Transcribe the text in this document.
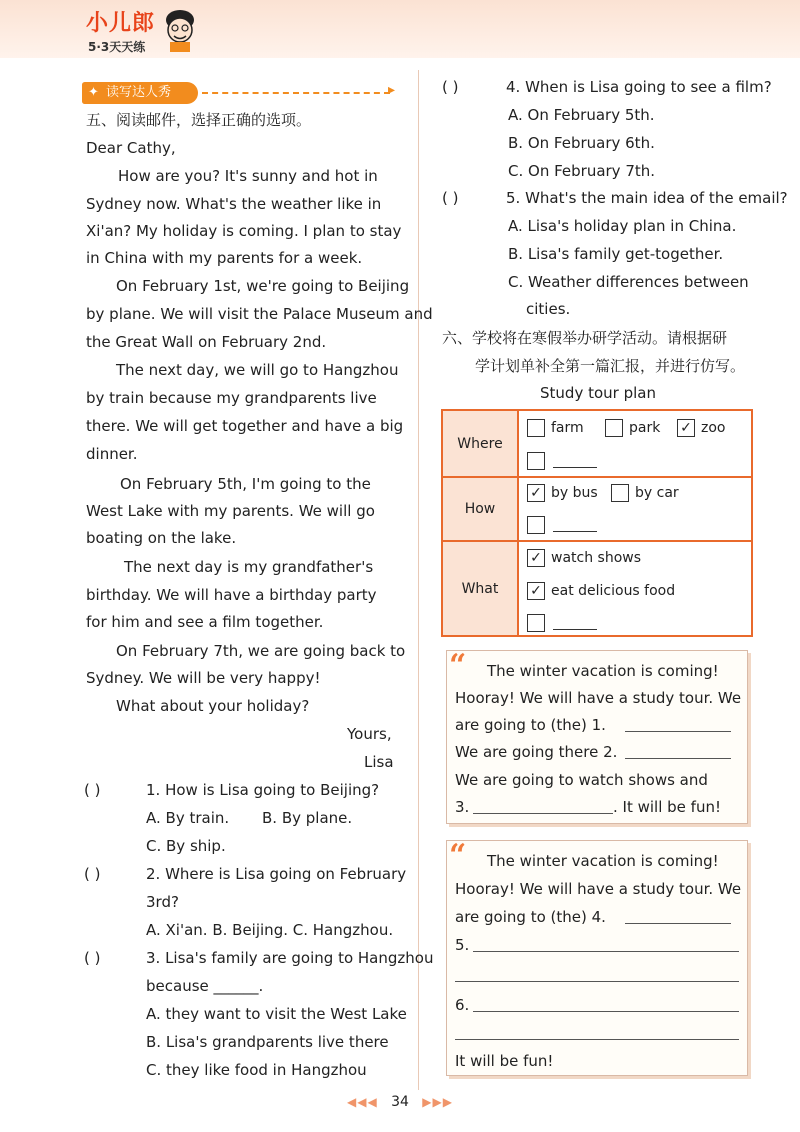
小儿郎
5·3天天练
✦ 读写达人秀	▸
五、阅读邮件，选择正确的选项。
Dear Cathy,
How are you? It's sunny and hot in
Sydney now. What's the weather like in
Xi'an? My holiday is coming. I plan to stay
in China with my parents for a week.
On February 1st, we're going to Beijing
by plane. We will visit the Palace Museum and
the Great Wall on February 2nd.
The next day, we will go to Hangzhou
by train because my grandparents live
there. We will get together and have a big
dinner.
On February 5th, I'm going to the
West Lake with my parents. We will go
boating on the lake.
The next day is my grandfather's
birthday. We will have a birthday party
for him and see a film together.
On February 7th, we are going back to
Sydney. We will be very happy!
What about your holiday?
Yours,
Lisa
( )	1. How is Lisa going to Beijing?
A. By train. B. By plane.
C. By ship.
( )	2. Where is Lisa going on February
3rd?
A. Xi'an. B. Beijing. C. Hangzhou.
( )	3. Lisa's family are going to Hangzhou
because ______.
A. they want to visit the West Lake
B. Lisa's grandparents live there
C. they like food in Hangzhou
( )	4. When is Lisa going to see a film?
A. On February 5th.
B. On February 6th.
C. On February 7th.
( )	5. What's the main idea of the email?
A. Lisa's holiday plan in China.
B. Lisa's family get-together.
C. Weather differences between
cities.
六、学校将在寒假举办研学活动。请根据研
学计划单补全第一篇汇报，并进行仿写。
Study tour plan
Where
farm	park ✓ zoo
How
✓ by bus	by car
What
✓ watch shows
✓ eat delicious food
“ The winter vacation is coming!
Hooray! We will have a study tour. We
are going to (the) 1.
We are going there 2.
We are going to watch shows and
3.	. It will be fun!
“ The winter vacation is coming!
Hooray! We will have a study tour. We
are going to (the) 4.
5.
6.
It will be fun!
◀◀◀ 34 ▶▶▶
